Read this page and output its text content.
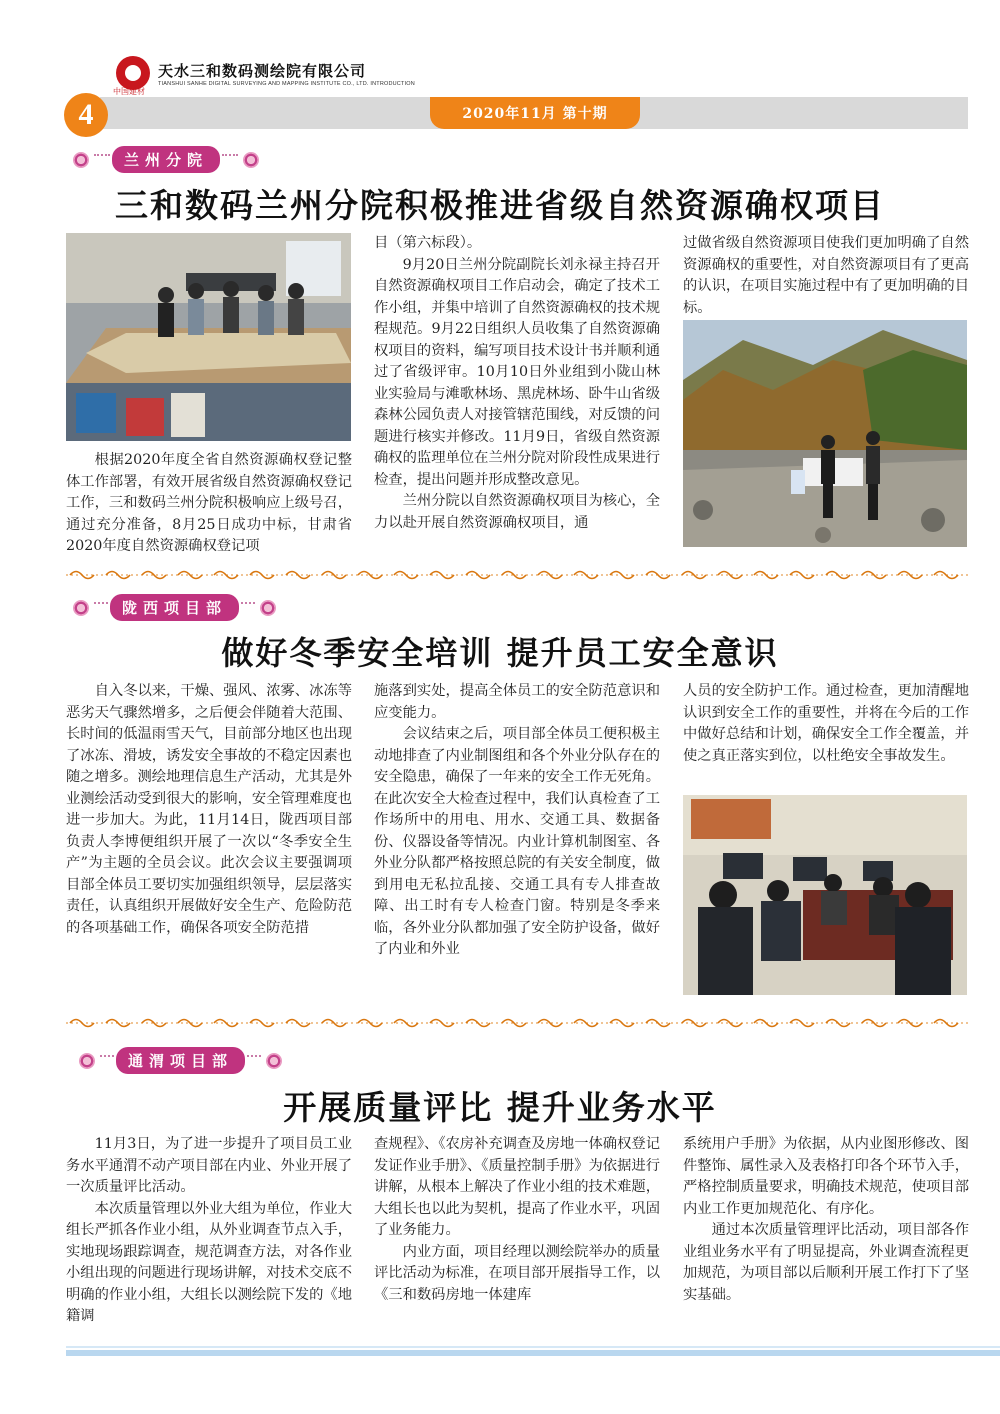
中国建材
天水三和数码测绘院有限公司
TIANSHUI SANHE DIGITAL SURVEYING AND MAPPING INSTITUTE CO., LTD. INTRODUCTION
4	2020年11月 第十期
兰州分院
三和数码兰州分院积极推进省级自然资源确权项目

根据2020年度全省自然资源确权登记整体工作部署，有效开展省级自然资源确权登记工作，三和数码兰州分院积极响应上级号召，通过充分准备，8月25日成功中标，甘肃省2020年度自然资源确权登记项

目（第六标段）。

9月20日兰州分院副院长刘永禄主持召开自然资源确权项目工作启动会，确定了技术工作小组，并集中培训了自然资源确权的技术规程规范。9月22日组织人员收集了自然资源确权项目的资料，编写项目技术设计书并顺利通过了省级评审。10月10日外业组到小陇山林业实验局与滩歌林场、黑虎林场、卧牛山省级森林公园负责人对接管辖范围线，对反馈的问题进行核实并修改。11月9日，省级自然资源确权的监理单位在兰州分院对阶段性成果进行检查，提出问题并形成整改意见。

兰州分院以自然资源确权项目为核心，全力以赴开展自然资源确权项目，通

过做省级自然资源项目使我们更加明确了自然资源确权的重要性，对自然资源项目有了更高的认识，在项目实施过程中有了更加明确的目标。

陇西项目部
做好冬季安全培训 提升员工安全意识

自入冬以来，干燥、强风、浓雾、冰冻等恶劣天气骤然增多，之后便会伴随着大范围、长时间的低温雨雪天气，目前部分地区也出现了冰冻、滑坡，诱发安全事故的不稳定因素也随之增多。测绘地理信息生产活动，尤其是外业测绘活动受到很大的影响，安全管理难度也进一步加大。为此，11月14日，陇西项目部负责人李博便组织开展了一次以“冬季安全生产”为主题的全员会议。此次会议主要强调项目部全体员工要切实加强组织领导，层层落实责任，认真组织开展做好安全生产、危险防范的各项基础工作，确保各项安全防范措

施落到实处，提高全体员工的安全防范意识和应变能力。

会议结束之后，项目部全体员工便积极主动地排查了内业制图组和各个外业分队存在的安全隐患，确保了一年来的安全工作无死角。在此次安全大检查过程中，我们认真检查了工作场所中的用电、用水、交通工具、数据备份、仪器设备等情况。内业计算机制图室、各外业分队都严格按照总院的有关安全制度，做到用电无私拉乱接、交通工具有专人排查故障、出工时有专人检查门窗。特别是冬季来临，各外业分队都加强了安全防护设备，做好了内业和外业

人员的安全防护工作。通过检查，更加清醒地认识到安全工作的重要性，并将在今后的工作中做好总结和计划，确保安全工作全覆盖，并使之真正落实到位，以杜绝安全事故发生。

通渭项目部
开展质量评比 提升业务水平

11月3日，为了进一步提升了项目员工业务水平通渭不动产项目部在内业、外业开展了一次质量评比活动。

本次质量管理以外业大组为单位，作业大组长严抓各作业小组，从外业调查节点入手，实地现场跟踪调查，规范调查方法，对各作业小组出现的问题进行现场讲解，对技术交底不明确的作业小组，大组长以测绘院下发的《地籍调

查规程》、《农房补充调查及房地一体确权登记发证作业手册》、《质量控制手册》为依据进行讲解，从根本上解决了作业小组的技术难题，大组长也以此为契机，提高了作业水平，巩固了业务能力。

内业方面，项目经理以测绘院举办的质量评比活动为标准，在项目部开展指导工作，以《三和数码房地一体建库

系统用户手册》为依据，从内业图形修改、图件整饰、属性录入及表格打印各个环节入手，严格控制质量要求，明确技术规范，使项目部内业工作更加规范化、有序化。

通过本次质量管理评比活动，项目部各作业组业务水平有了明显提高，外业调查流程更加规范，为项目部以后顺利开展工作打下了坚实基础。
